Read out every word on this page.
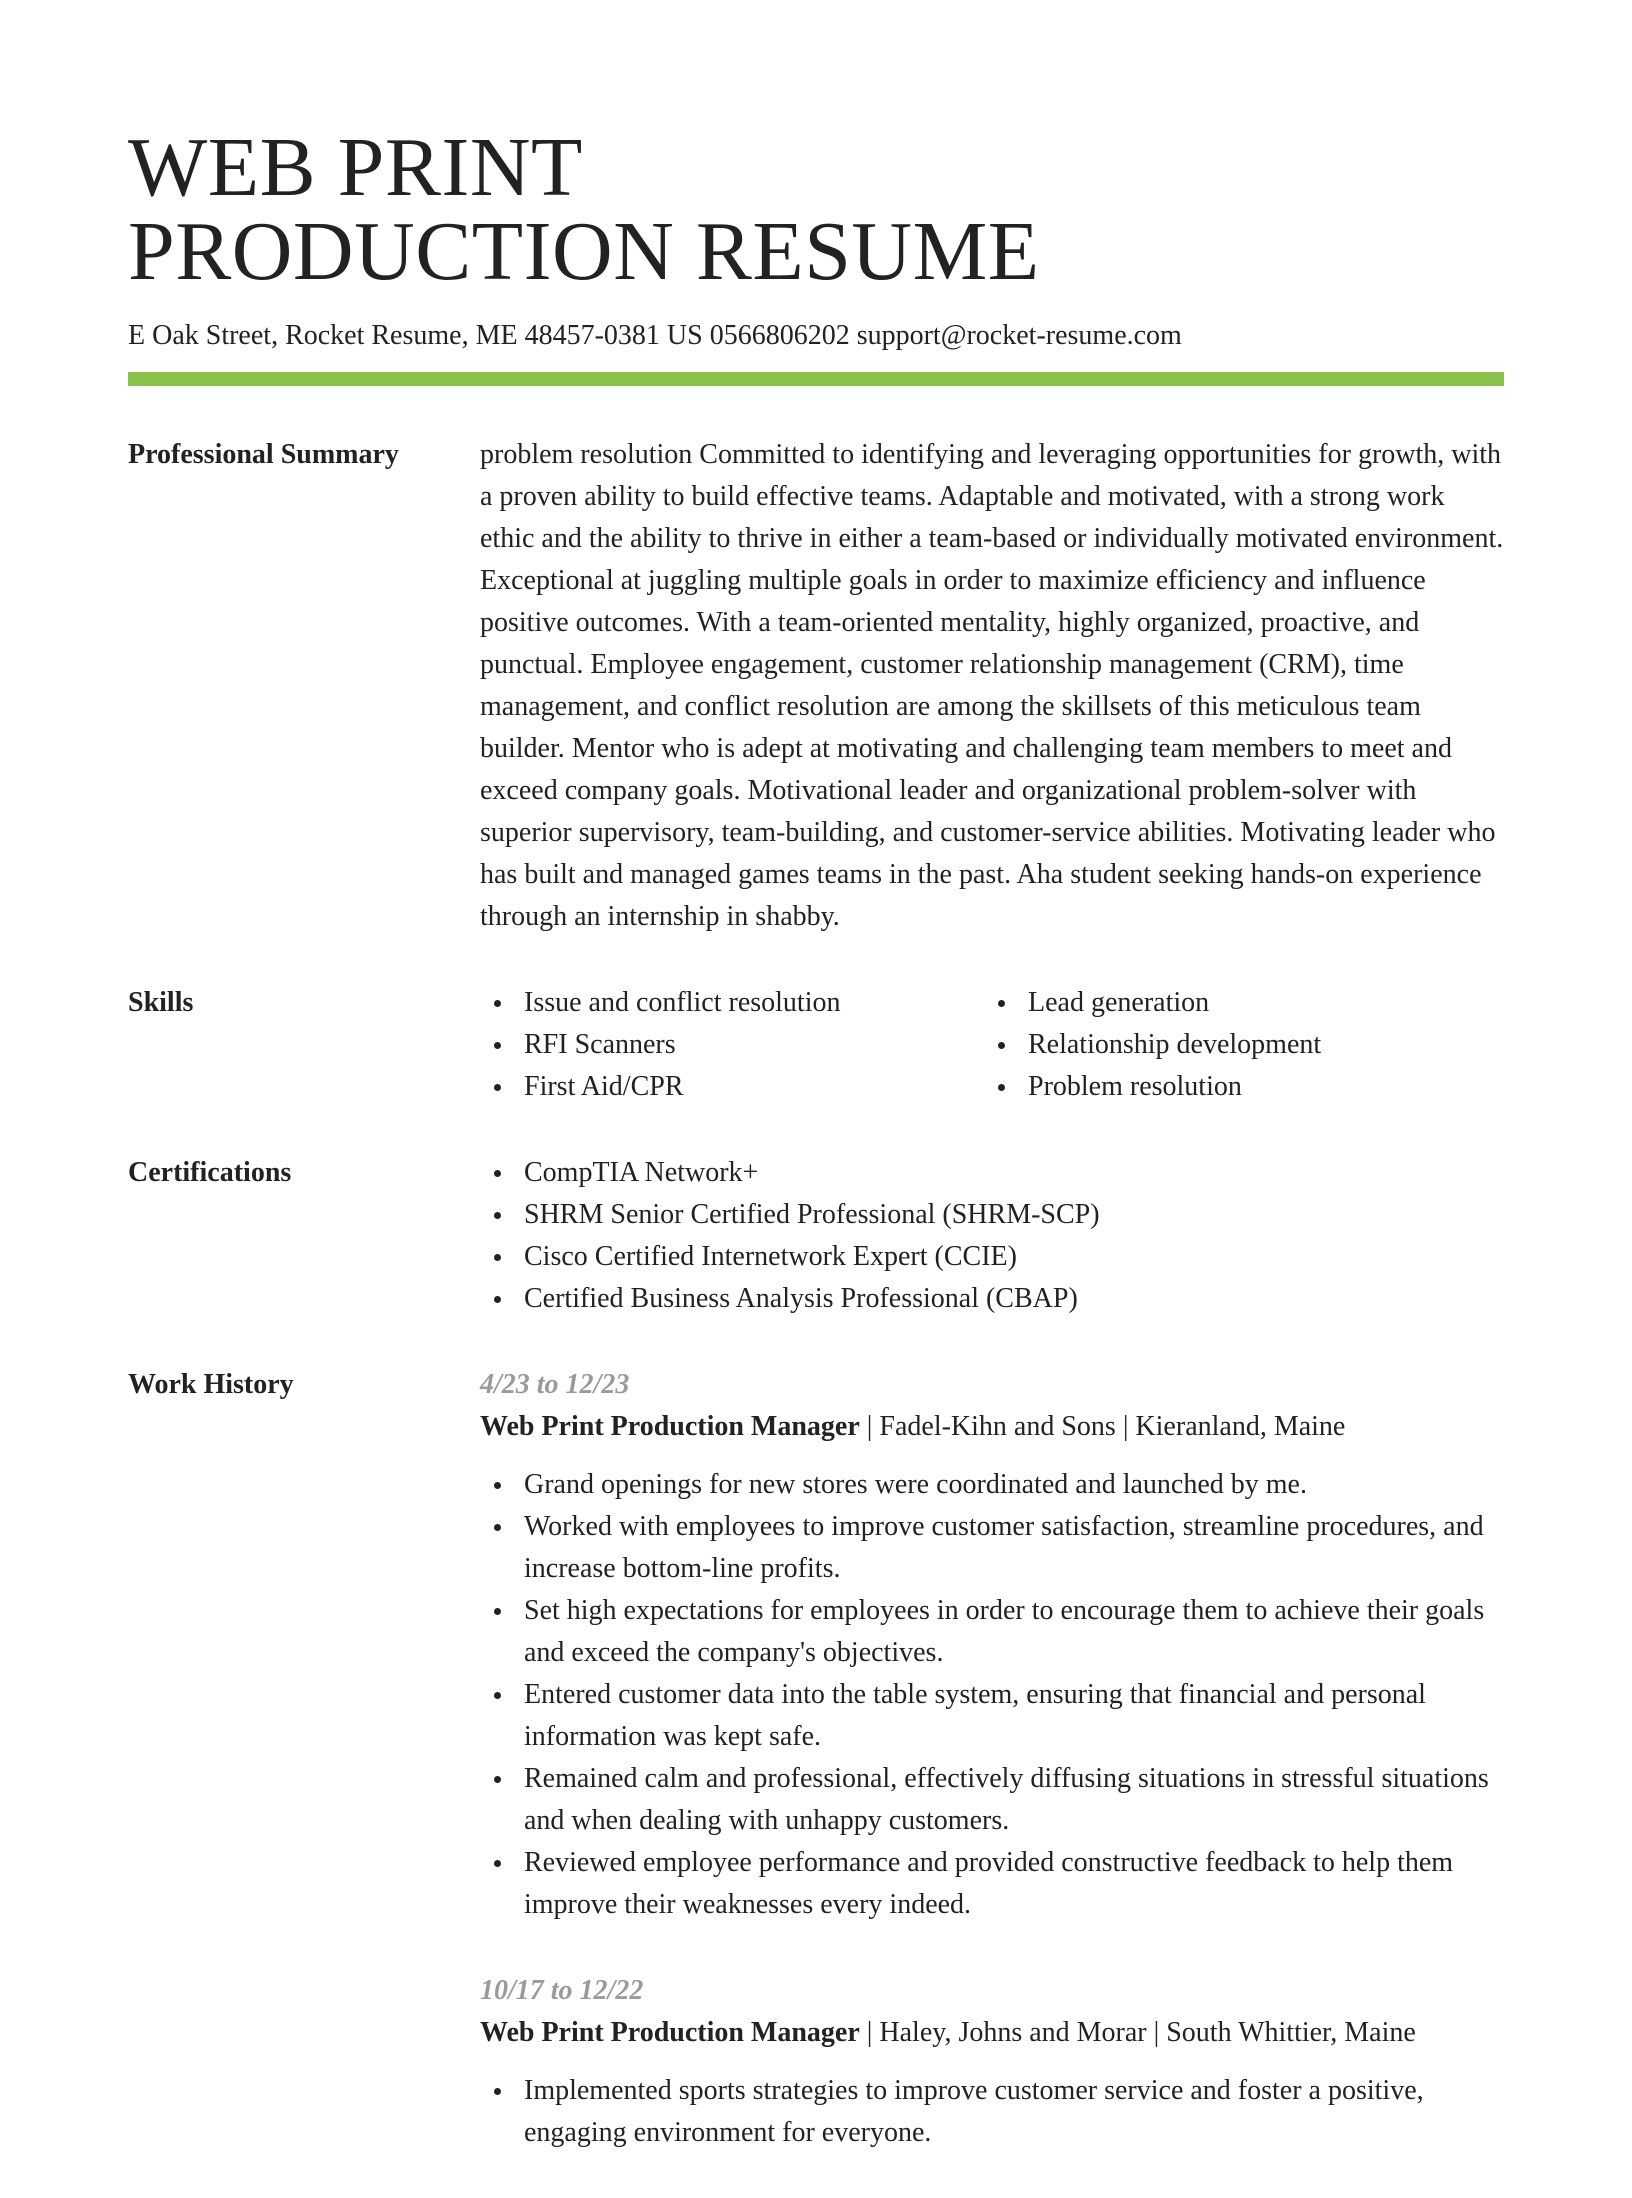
WEB PRINT
PRODUCTION RESUME
E Oak Street, Rocket Resume, ME 48457-0381 US 0566806202 support@rocket-resume.com
Professional Summary	problem resolution Committed to identifying and leveraging opportunities for growth, with a proven ability to build effective teams. Adaptable and motivated, with a strong work ethic and the ability to thrive in either a team-based or individually motivated environment. Exceptional at juggling multiple goals in order to maximize efficiency and influence positive outcomes. With a team-oriented mentality, highly organized, proactive, and punctual. Employee engagement, customer relationship management (CRM), time management, and conflict resolution are among the skillsets of this meticulous team builder. Mentor who is adept at motivating and challenging team members to meet and exceed company goals. Motivational leader and organizational problem-solver with superior supervisory, team-building, and customer-service abilities. Motivating leader who has built and managed games teams in the past. Aha student seeking hands-on experience through an internship in shabby.

Skills	Issue and conflict resolution
RFI Scanners
First Aid/CPR
Lead generation
Relationship development
Problem resolution
Certifications	CompTIA Network+
SHRM Senior Certified Professional (SHRM-SCP)
Cisco Certified Internetwork Expert (CCIE)
Certified Business Analysis Professional (CBAP)
Work History	4/23 to 12/23
Web Print Production Manager | Fadel-Kihn and Sons | Kieranland, Maine
Grand openings for new stores were coordinated and launched by me.
Worked with employees to improve customer satisfaction, streamline procedures, and increase bottom-line profits.
Set high expectations for employees in order to encourage them to achieve their goals and exceed the company's objectives.
Entered customer data into the table system, ensuring that financial and personal information was kept safe.
Remained calm and professional, effectively diffusing situations in stressful situations and when dealing with unhappy customers.
Reviewed employee performance and provided constructive feedback to help them improve their weaknesses every indeed.
10/17 to 12/22
Web Print Production Manager | Haley, Johns and Morar | South Whittier, Maine
Implemented sports strategies to improve customer service and foster a positive, engaging environment for everyone.
